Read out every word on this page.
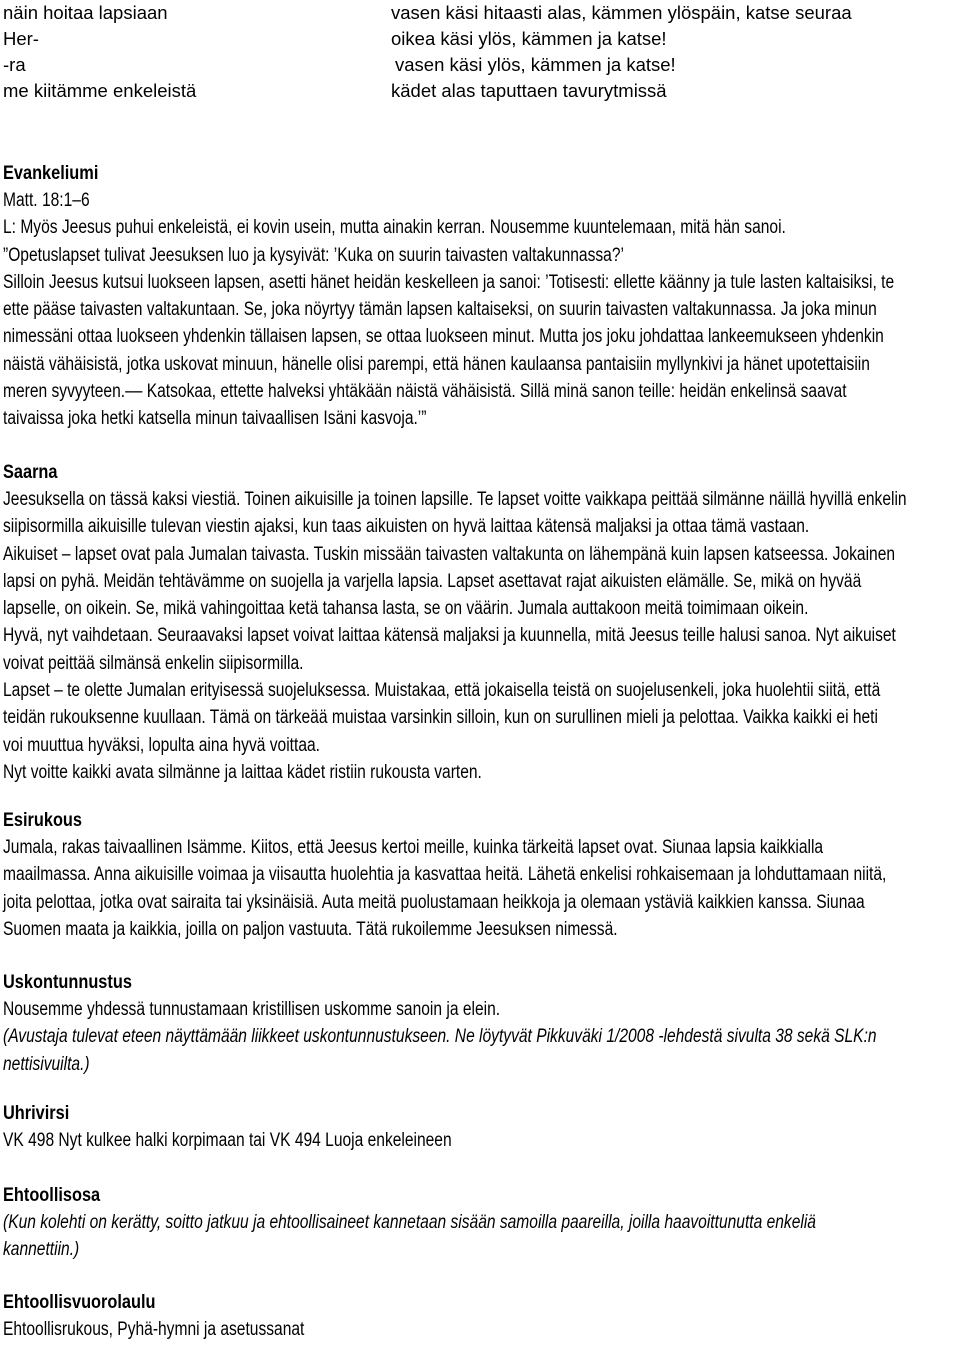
näin hoitaa lapsiaan	vasen käsi hitaasti alas, kämmen ylöspäin, katse seuraa
Her-	oikea käsi ylös, kämmen ja katse!
-ra	vasen käsi ylös, kämmen ja katse!
me kiitämme enkeleistä	kädet alas taputtaen tavurytmissä
Evankeliumi
Matt. 18:1–6
L: Myös Jeesus puhui enkeleistä, ei kovin usein, mutta ainakin kerran. Nousemme kuuntelemaan, mitä hän sanoi.
”Opetuslapset tulivat Jeesuksen luo ja kysyivät: ’Kuka on suurin taivasten valtakunnassa?’
Silloin Jeesus kutsui luokseen lapsen, asetti hänet heidän keskelleen ja sanoi: ’Totisesti: ellette käänny ja tule lasten kaltaisiksi, te
ette pääse taivasten valtakuntaan. Se, joka nöyrtyy tämän lapsen kaltaiseksi, on suurin taivasten valtakunnassa. Ja joka minun
nimessäni ottaa luokseen yhdenkin tällaisen lapsen, se ottaa luokseen minut. Mutta jos joku johdattaa lankeemukseen yhdenkin
näistä vähäisistä, jotka uskovat minuun, hänelle olisi parempi, että hänen kaulaansa pantaisiin myllynkivi ja hänet upotettaisiin
meren syvyyteen.–– Katsokaa, ettette halveksi yhtäkään näistä vähäisistä. Sillä minä sanon teille: heidän enkelinsä saavat
taivaissa joka hetki katsella minun taivaallisen Isäni kasvoja.’”
Saarna
Jeesuksella on tässä kaksi viestiä. Toinen aikuisille ja toinen lapsille. Te lapset voitte vaikkapa peittää silmänne näillä hyvillä enkelin
siipisormilla aikuisille tulevan viestin ajaksi, kun taas aikuisten on hyvä laittaa kätensä maljaksi ja ottaa tämä vastaan.
Aikuiset – lapset ovat pala Jumalan taivasta. Tuskin missään taivasten valtakunta on lähempänä kuin lapsen katseessa. Jokainen
lapsi on pyhä. Meidän tehtävämme on suojella ja varjella lapsia. Lapset asettavat rajat aikuisten elämälle. Se, mikä on hyvää
lapselle, on oikein. Se, mikä vahingoittaa ketä tahansa lasta, se on väärin. Jumala auttakoon meitä toimimaan oikein.
Hyvä, nyt vaihdetaan. Seuraavaksi lapset voivat laittaa kätensä maljaksi ja kuunnella, mitä Jeesus teille halusi sanoa. Nyt aikuiset
voivat peittää silmänsä enkelin siipisormilla.
Lapset – te olette Jumalan erityisessä suojeluksessa. Muistakaa, että jokaisella teistä on suojelusenkeli, joka huolehtii siitä, että
teidän rukouksenne kuullaan. Tämä on tärkeää muistaa varsinkin silloin, kun on surullinen mieli ja pelottaa. Vaikka kaikki ei heti
voi muuttua hyväksi, lopulta aina hyvä voittaa.
Nyt voitte kaikki avata silmänne ja laittaa kädet ristiin rukousta varten.
Esirukous
Jumala, rakas taivaallinen Isämme. Kiitos, että Jeesus kertoi meille, kuinka tärkeitä lapset ovat. Siunaa lapsia kaikkialla
maailmassa. Anna aikuisille voimaa ja viisautta huolehtia ja kasvattaa heitä. Lähetä enkelisi rohkaisemaan ja lohduttamaan niitä,
joita pelottaa, jotka ovat sairaita tai yksinäisiä. Auta meitä puolustamaan heikkoja ja olemaan ystäviä kaikkien kanssa. Siunaa
Suomen maata ja kaikkia, joilla on paljon vastuuta. Tätä rukoilemme Jeesuksen nimessä.
Uskontunnustus
Nousemme yhdessä tunnustamaan kristillisen uskomme sanoin ja elein.
(Avustaja tulevat eteen näyttämään liikkeet uskontunnustukseen. Ne löytyvät Pikkuväki 1/2008 -lehdestä sivulta 38 sekä SLK:n
nettisivuilta.)
Uhrivirsi
VK 498 Nyt kulkee halki korpimaan tai VK 494 Luoja enkeleineen
Ehtoollisosa
(Kun kolehti on kerätty, soitto jatkuu ja ehtoollisaineet kannetaan sisään samoilla paareilla, joilla haavoittunutta enkeliä
kannettiin.)
Ehtoollisvuorolaulu
Ehtoollisrukous, Pyhä-hymni ja asetussanat
